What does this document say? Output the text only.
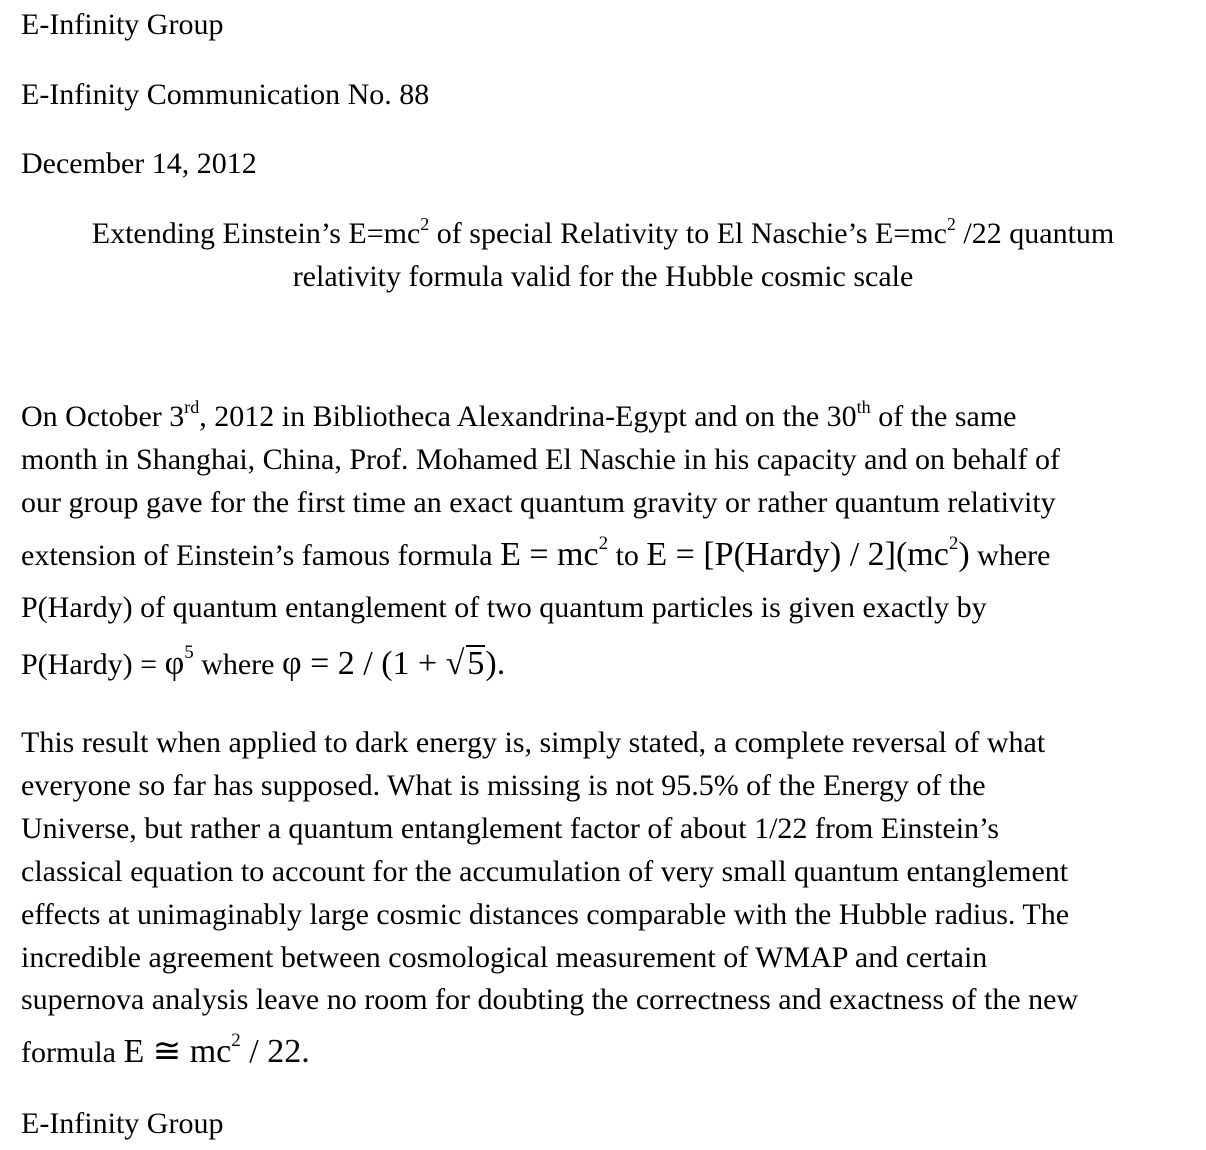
E-Infinity Group
E-Infinity Communication No. 88
December 14, 2012
Extending Einstein’s $E=mc^2$ of special Relativity to El Naschie’s $E=mc^2$ /22 quantum
relativity formula valid for the Hubble cosmic scale
On October 3rd, 2012 in Bibliotheca Alexandrina-Egypt and on the 30th of the same
month in Shanghai, China, Prof. Mohamed El Naschie in his capacity and on behalf of
our group gave for the first time an exact quantum gravity or rather quantum relativity
extension of Einstein’s famous formula $E = mc^2$ to E = [P(Hardy) / $2](mc^2)$ where
P(Hardy) of quantum entanglement of two quantum particles is given exactly by
P(Hardy) = $\varphi^5$ where φ = 2 / (1 + √5).
This result when applied to dark energy is, simply stated, a complete reversal of what
everyone so far has supposed. What is missing is not 95.5% of the Energy of the
Universe, but rather a quantum entanglement factor of about 1/22 from Einstein’s
classical equation to account for the accumulation of very small quantum entanglement
effects at unimaginably large cosmic distances comparable with the Hubble radius. The
incredible agreement between cosmological measurement of WMAP and certain
supernova analysis leave no room for doubting the correctness and exactness of the new
formula E ≅ $mc^2 / 22$.
E-Infinity Group
